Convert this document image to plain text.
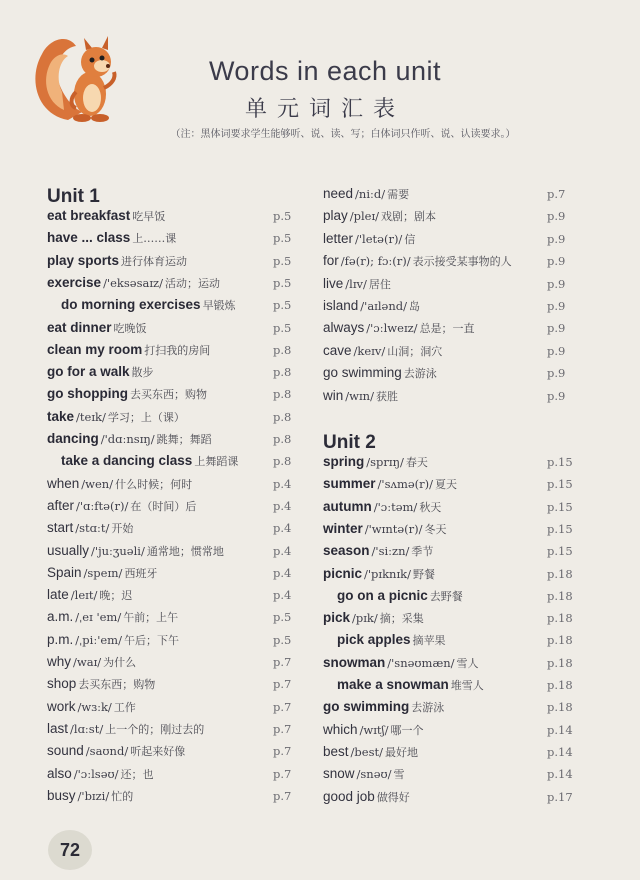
Words in each unit
单元词汇表
（注：黑体词要求学生能够听、说、读、写；白体词只作听、说、认读要求。）
Unit 1
eat breakfast 吃早饭	p.5
have ... class 上……课	p.5
play sports 进行体育运动	p.5
exercise /'eksəsaɪz/ 活动；运动	p.5
do morning exercises 早锻炼	p.5
eat dinner 吃晚饭	p.5
clean my room 打扫我的房间	p.8
go for a walk 散步	p.8
go shopping 去买东西；购物	p.8
take /teɪk/ 学习；上（课）	p.8
dancing /'dɑːnsɪŋ/ 跳舞；舞蹈	p.8
take a dancing class 上舞蹈课	p.8
when /wen/ 什么时候；何时	p.4
after /'ɑːftə(r)/ 在（时间）后	p.4
start /stɑːt/ 开始	p.4
usually /'juːʒuəli/ 通常地；惯常地	p.4
Spain /speɪn/ 西班牙	p.4
late /leɪt/ 晚；迟	p.4
a.m. /ˌeɪ 'em/ 午前；上午	p.5
p.m. /ˌpiː'em/ 午后；下午	p.5
why /waɪ/ 为什么	p.7
shop 去买东西；购物	p.7
work /wɜːk/ 工作	p.7
last /lɑːst/ 上一个的；刚过去的	p.7
sound /saʊnd/ 听起来好像	p.7
also /'ɔːlsəʊ/ 还；也	p.7
busy /'bɪzi/ 忙的	p.7
Unit 2
need /niːd/ 需要	p.7
play /pleɪ/ 戏剧；剧本	p.9
letter /'letə(r)/ 信	p.9
for /fə(r); fɔː(r)/ 表示接受某事物的人	p.9
live /lɪv/ 居住	p.9
island /'aɪlənd/ 岛	p.9
always /'ɔːlweɪz/ 总是；一直	p.9
cave /keɪv/ 山洞；洞穴	p.9
go swimming 去游泳	p.9
win /wɪn/ 获胜	p.9
spring /sprɪŋ/ 春天	p.15
summer /'sʌmə(r)/ 夏天	p.15
autumn /'ɔːtəm/ 秋天	p.15
winter /'wɪntə(r)/ 冬天	p.15
season /'siːzn/ 季节	p.15
picnic /'pɪknɪk/ 野餐	p.18
go on a picnic 去野餐	p.18
pick /pɪk/ 摘；采集	p.18
pick apples 摘苹果	p.18
snowman /'snəʊmæn/ 雪人	p.18
make a snowman 堆雪人	p.18
go swimming 去游泳	p.18
which /wɪtʃ/ 哪一个	p.14
best /best/ 最好地	p.14
snow /snəʊ/ 雪	p.14
good job 做得好	p.17
72
